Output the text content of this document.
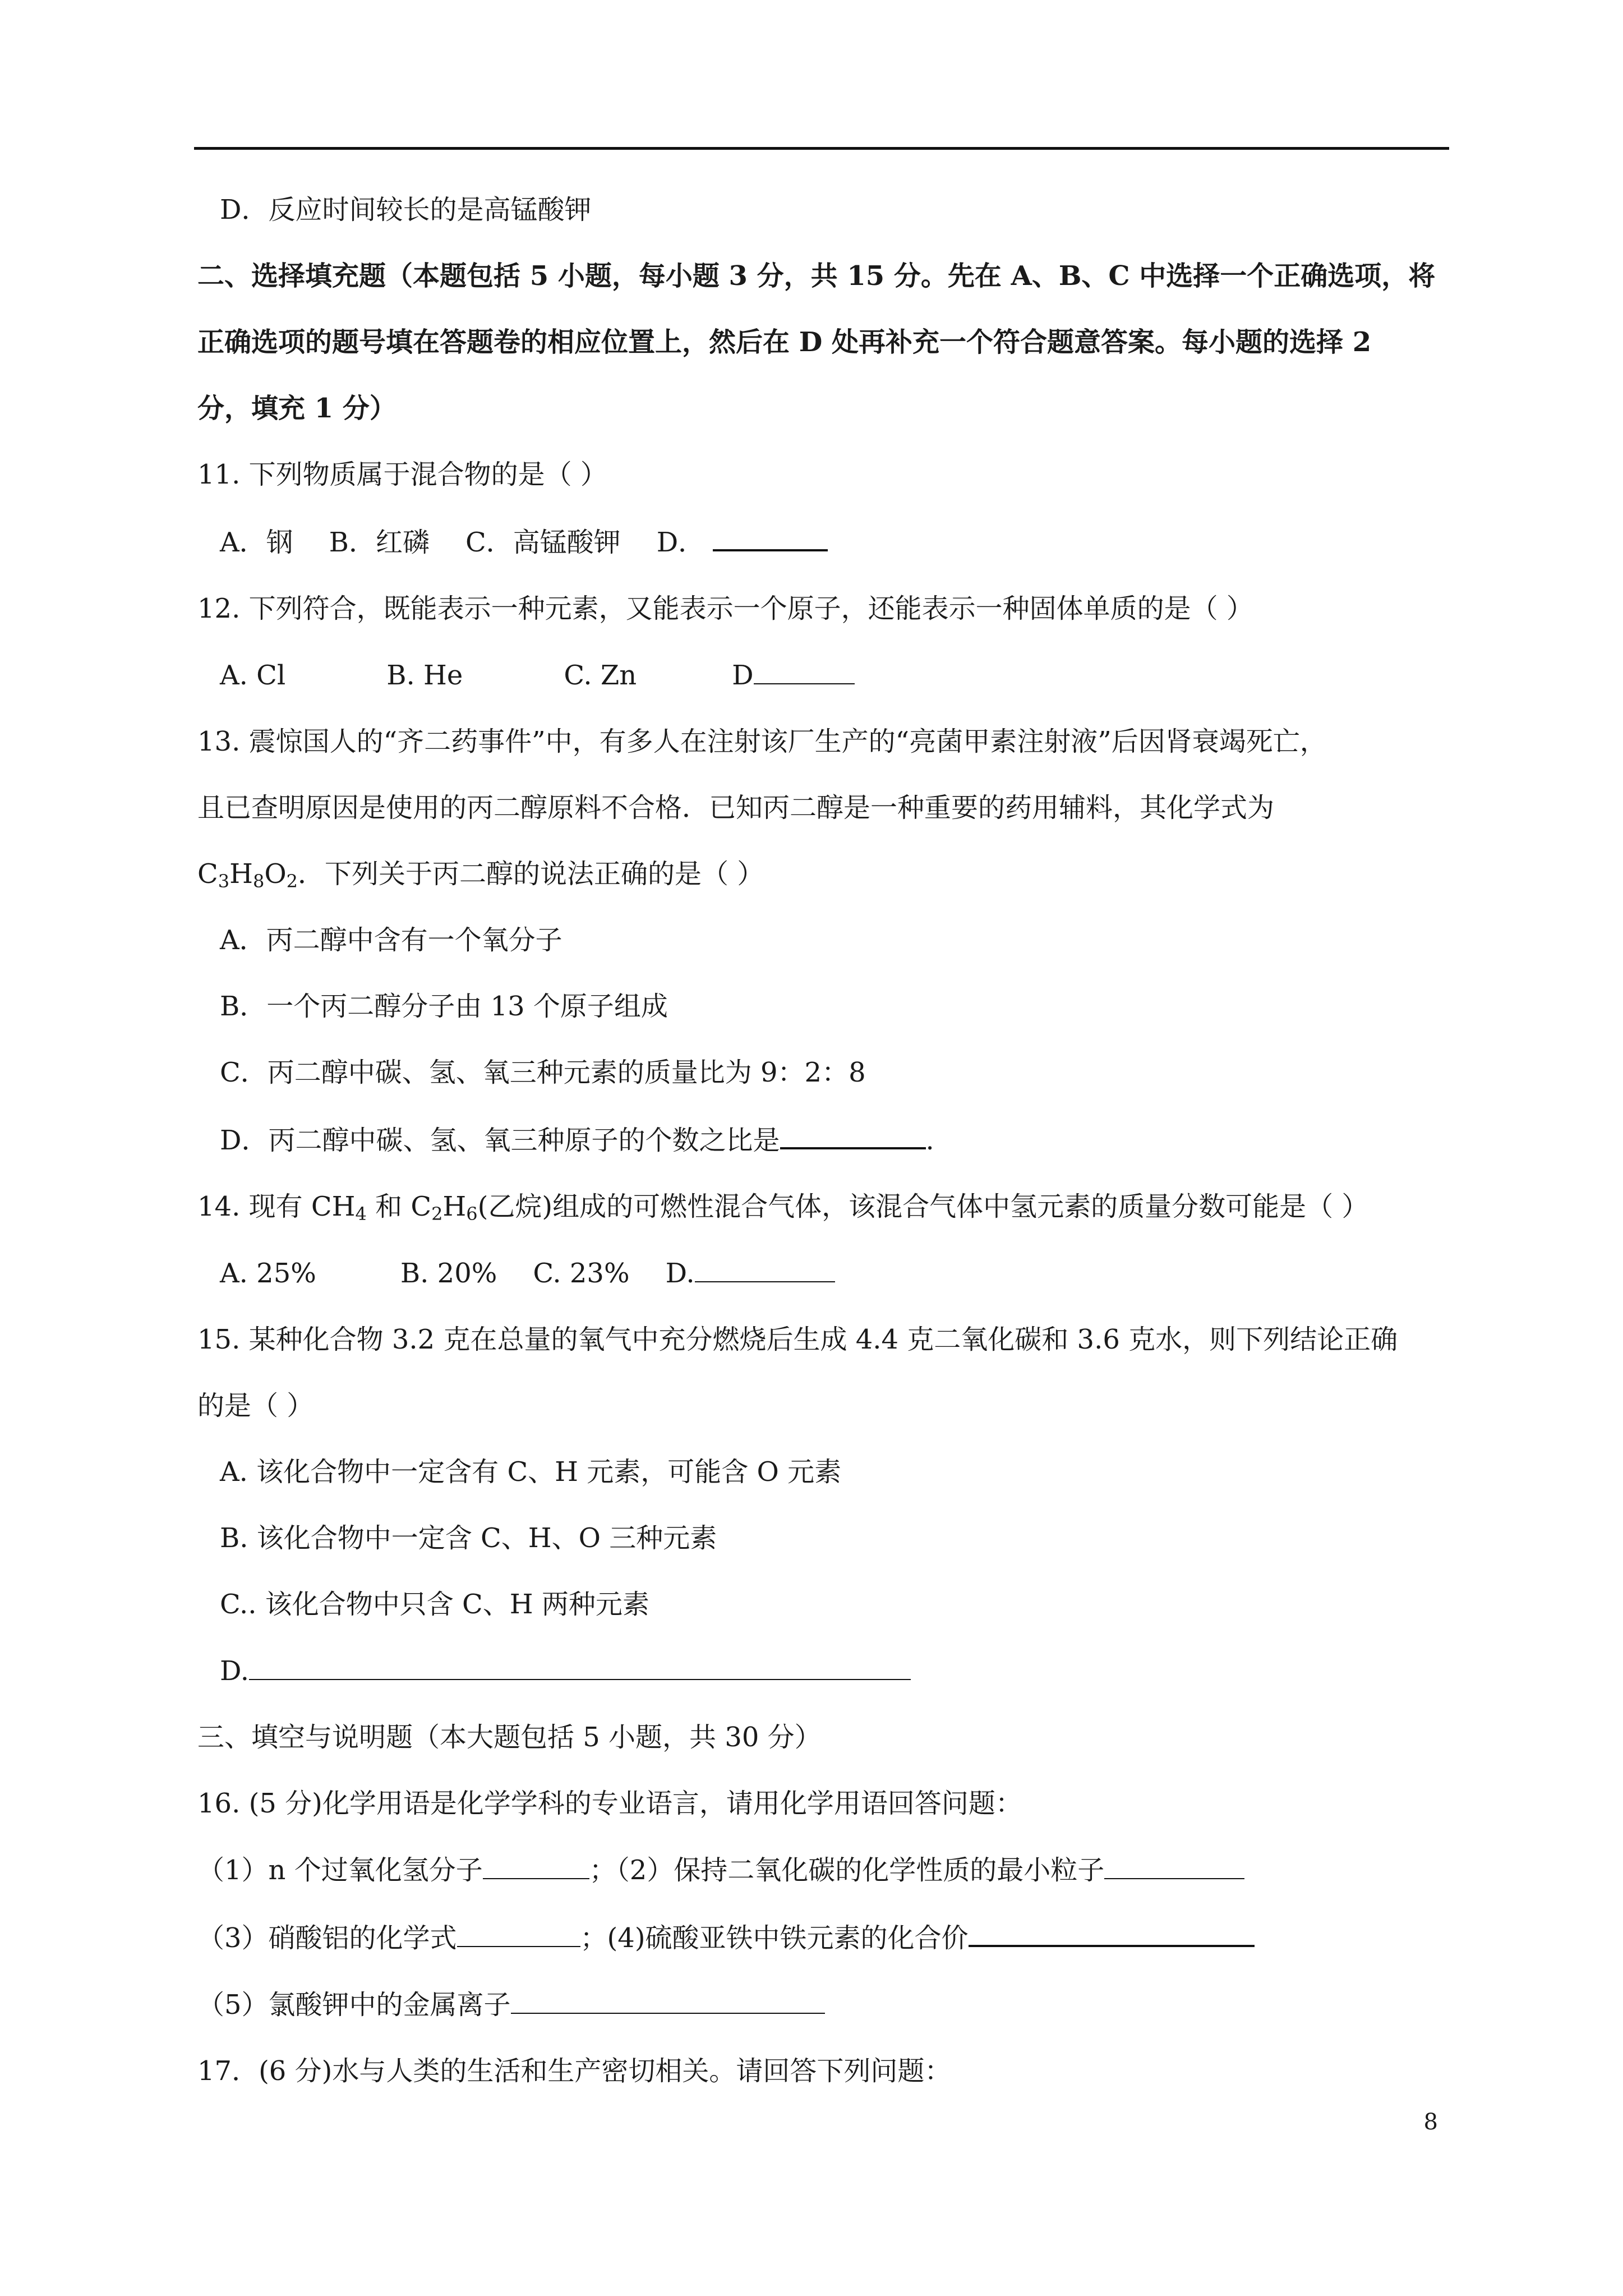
D．反应时间较长的是高锰酸钾

二、选择填充题（本题包括 5 小题，每小题 3 分，共 15 分。先在 A、B、C 中选择一个正确选项，将

正确选项的题号填在答题卷的相应位置上，然后在 D 处再补充一个符合题意答案。每小题的选择 2

分，填充 1 分）

11. 下列物质属于混合物的是（ ）

A．钢 B．红磷 C．高锰酸钾 D．

12. 下列符合，既能表示一种元素，又能表示一个原子，还能表示一种固体单质的是（ ）

A. Cl	B. He	C. Zn	D

13. 震惊国人的“齐二药事件”中，有多人在注射该厂生产的“亮菌甲素注射液”后因肾衰竭死亡，

且已查明原因是使用的丙二醇原料不合格．已知丙二醇是一种重要的药用辅料，其化学式为

$C_3H_8O_2$．下列关于丙二醇的说法正确的是（ ）

A．丙二醇中含有一个氧分子

B．一个丙二醇分子由 13 个原子组成

C．丙二醇中碳、氢、氧三种元素的质量比为 9：2：8

D．丙二醇中碳、氢、氧三种原子的个数之比是	.

14. 现有 $CH_4$ 和 $C_2H_6$(乙烷)组成的可燃性混合气体，该混合气体中氢元素的质量分数可能是（ ）

A. 25%	B. 20% C. 23% D.

15. 某种化合物 3.2 克在总量的氧气中充分燃烧后生成 4.4 克二氧化碳和 3.6 克水，则下列结论正确

的是（ ）

A. 该化合物中一定含有 C、H 元素，可能含 O 元素

B. 该化合物中一定含 C、H、O 三种元素

C.. 该化合物中只含 C、H 两种元素

D.

三、填空与说明题（本大题包括 5 小题，共 30 分）

16. (5 分)化学用语是化学学科的专业语言，请用化学用语回答问题：

（1）n 个过氧化氢分子	；（2）保持二氧化碳的化学性质的最小粒子

（3）硝酸铝的化学式	；(4)硫酸亚铁中铁元素的化合价

（5）氯酸钾中的金属离子

17．(6 分)水与人类的生活和生产密切相关。请回答下列问题：

8
